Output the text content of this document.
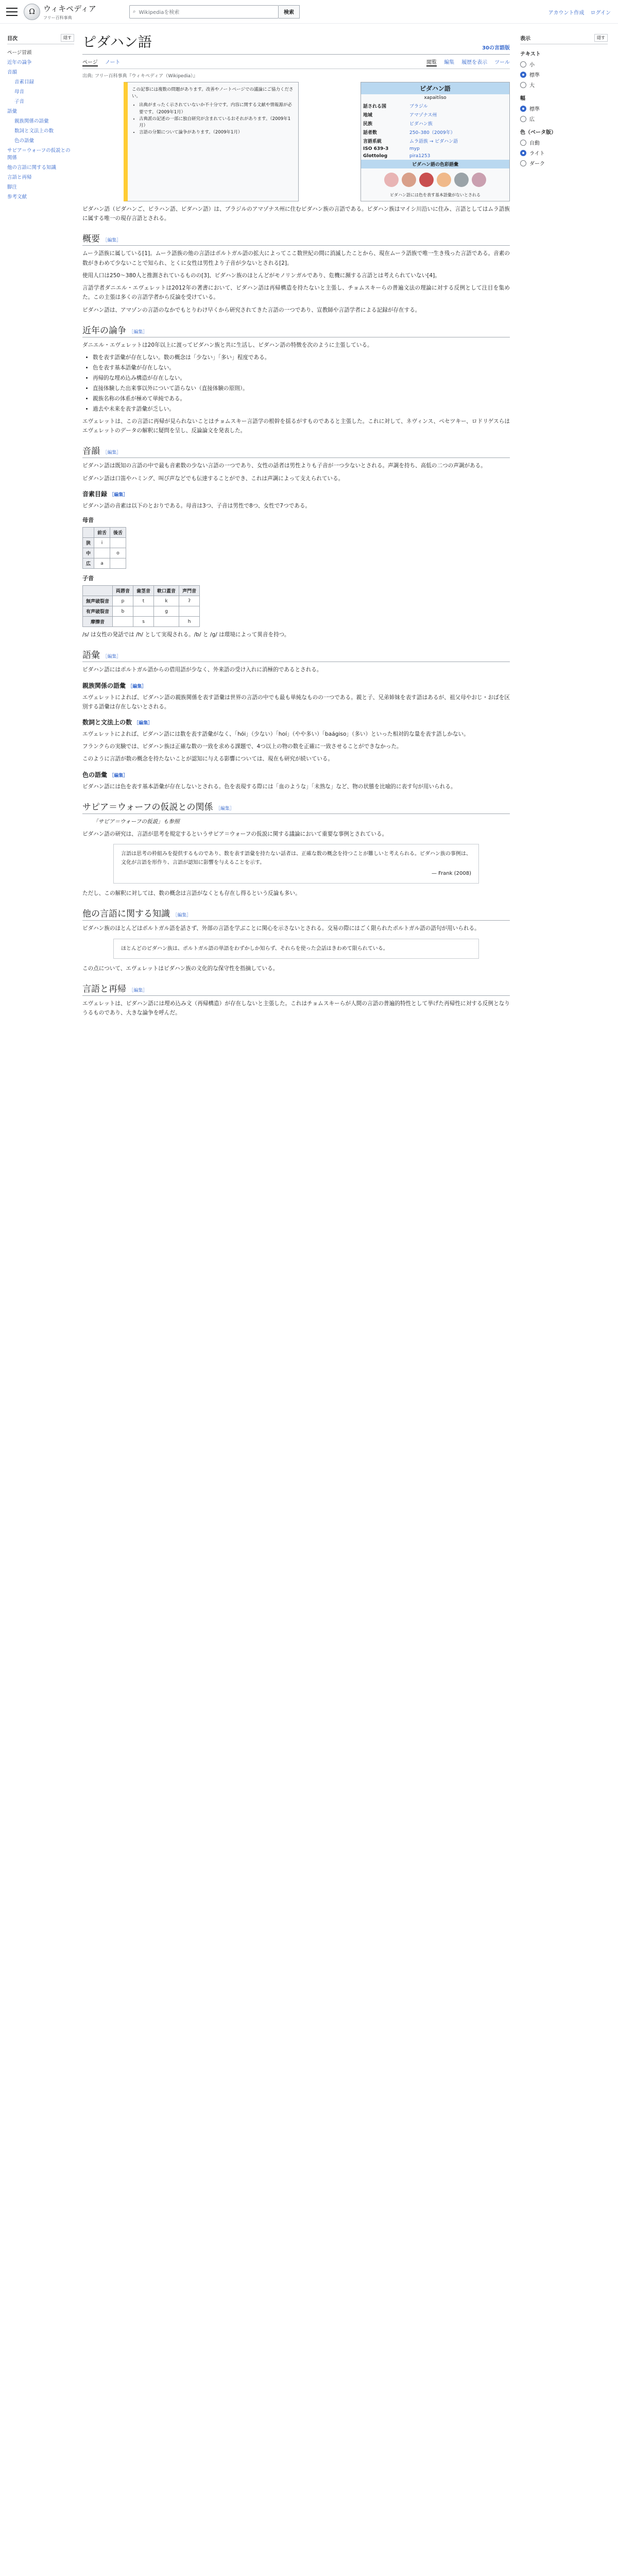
Ω	ウィキペディア
フリー百科事典
⌕ Wikipediaを検索	検索	アカウント作成 ログイン
目次	隠す
ページ冒頭
近年の論争
音韻
音素目録
母音
子音
語彙
親族関係の語彙
数詞と文法上の数
色の語彙
サピア＝ウォーフの仮説との関係
他の言語に関する知識
言語と再帰
脚注
参考文献
表示	隠す
テキスト
小
標準
大
幅
標準
広
色（ベータ版）
自動
ライト
ダーク
ピダハン語	30の言語版
ページ ノート	閲覧 編集 履歴を表示 ツール
出典: フリー百科事典『ウィキペディア（Wikipedia）』
この記事には複数の問題があります。改善やノートページでの議論にご協力ください。
• 出典がまったく示されていないか不十分です。内容に関する文献や情報源が必要です。（2009年1月）
• 古典派の記述の一部に独自研究が含まれているおそれがあります。（2009年1月）
• 言語の分類について論争があります。（2009年1月）
ピダハン語
xapaitíiso
話される国	ブラジル
地域	アマゾナス州
民族	ピダハン族
話者数	250–380（2009年）
言語系統	ムラ語族 → ピダハン語
ISO 639-3	myp
Glottolog	pira1253
ピダハン語の色彩語彙
ピダハン語には色を表す基本語彙がないとされる

ピダハン語（ピダハンご、ピラハン語、ピダハン語）は、ブラジルのアマゾナス州に住むピダハン族の言語である。ピダハン族はマイシ川沿いに住み、言語としてはムラ語族に属する唯一の現存言語とされる。

概要 ［編集］

ムーラ語族に属している[1]。ムーラ語族の他の言語はポルトガル語の拡大によってここ数世紀の間に消滅したことから、現在ムーラ語族で唯一生き残った言語である。音素の数がきわめて少ないことで知られ、とくに女性は男性より子音が少ないとされる[2]。

使用人口は250〜380人と推測されているものの[3]、ピダハン族のほとんどがモノリンガルであり、危機に瀕する言語とは考えられていない[4]。

言語学者ダニエル・エヴェレットは2012年の著書において、ピダハン語は再帰構造を持たないと主張し、チョムスキーらの普遍文法の理論に対する反例として注目を集めた。この主張は多くの言語学者から反論を受けている。

ピダハン語は、アマゾンの言語のなかでもとりわけ早くから研究されてきた言語の一つであり、宣教師や言語学者による記録が存在する。

近年の論争 ［編集］

ダニエル・エヴェレットは20年以上に渡ってピダハン族と共に生活し、ピダハン語の特徴を次のように主張している。

• 数を表す語彙が存在しない。数の概念は「少ない」「多い」程度である。
• 色を表す基本語彙が存在しない。
• 再帰的な埋め込み構造が存在しない。
• 直接体験した出来事以外について語らない（直接体験の原則）。
• 親族名称の体系が極めて単純である。
• 過去や未来を表す語彙が乏しい。

エヴェレットは、この言語に再帰が見られないことはチョムスキー言語学の根幹を揺るがすものであると主張した。これに対して、ネヴィンス、ペセツキー、ロドリゲスらはエヴェレットのデータの解釈に疑問を呈し、反論論文を発表した。

音韻 ［編集］

ピダハン語は既知の言語の中で最も音素数の少ない言語の一つであり、女性の話者は男性よりも子音が一つ少ないとされる。声調を持ち、高低の二つの声調がある。

ピダハン語は口笛やハミング、叫び声などでも伝達することができ、これは声調によって支えられている。

音素目録 ［編集］

ピダハン語の音素は以下のとおりである。母音は3つ、子音は男性で8つ、女性で7つである。

母音
	前舌	後舌
狭	i	
中		o
広	a	
子音
	両唇音	歯茎音	軟口蓋音	声門音
無声破裂音	p	t	k	ʔ
有声破裂音	b		g	
摩擦音		s		h

/s/ は女性の発話では /h/ として実現される。/b/ と /g/ は環境によって異音を持つ。

語彙 ［編集］

ピダハン語にはポルトガル語からの借用語が少なく、外来語の受け入れに消極的であるとされる。

親族関係の語彙 ［編集］

エヴェレットによれば、ピダハン語の親族関係を表す語彙は世界の言語の中でも最も単純なものの一つである。親と子、兄弟姉妹を表す語はあるが、祖父母やおじ・おばを区別する語彙は存在しないとされる。

数詞と文法上の数 ［編集］

エヴェレットによれば、ピダハン語には数を表す語彙がなく、「hói」（少ない）「hoí」（やや多い）「baágiso」（多い）といった相対的な量を表す語しかない。

フランクらの実験では、ピダハン族は正確な数の一致を求める課題で、4つ以上の物の数を正確に一致させることができなかった。

このように言語が数の概念を持たないことが認知に与える影響については、現在も研究が続いている。

色の語彙 ［編集］

ピダハン語には色を表す基本語彙が存在しないとされる。色を表現する際には「血のような」「未熟な」など、物の状態を比喩的に表す句が用いられる。

サピア＝ウォーフの仮説との関係 ［編集］

「サピア＝ウォーフの仮説」も参照

ピダハン語の研究は、言語が思考を規定するというサピア＝ウォーフの仮説に関する議論において重要な事例とされている。

言語は思考の枠組みを提供するものであり、数を表す語彙を持たない話者は、正確な数の概念を持つことが難しいと考えられる。ピダハン族の事例は、文化が言語を形作り、言語が認知に影響を与えることを示す。
— Frank (2008)

ただし、この解釈に対しては、数の概念は言語がなくとも存在し得るという反論も多い。

他の言語に関する知識 ［編集］

ピダハン族のほとんどはポルトガル語を話さず、外部の言語を学ぶことに関心を示さないとされる。交易の際にはごく限られたポルトガル語の語句が用いられる。

ほとんどのピダハン族は、ポルトガル語の単語をわずかしか知らず、それらを使った会話はきわめて限られている。

この点について、エヴェレットはピダハン族の文化的な保守性を指摘している。

言語と再帰 ［編集］

エヴェレットは、ピダハン語には埋め込み文（再帰構造）が存在しないと主張した。これはチョムスキーらが人間の言語の普遍的特性として挙げた再帰性に対する反例となりうるものであり、大きな論争を呼んだ。
